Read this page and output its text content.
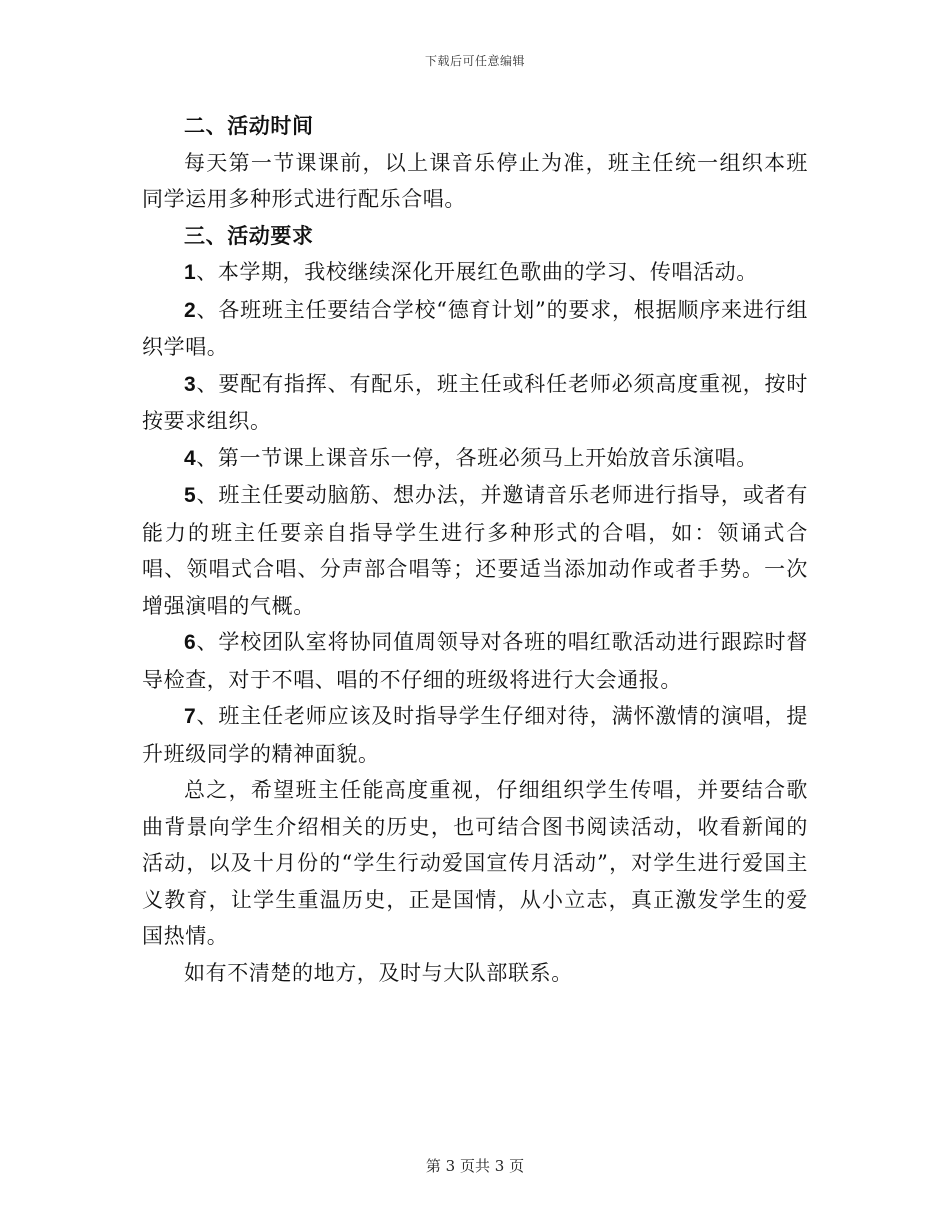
下载后可任意编辑

二、活动时间

每天第一节课课前，以上课音乐停止为准，班主任统一组织本班同学运用多种形式进行配乐合唱。

三、活动要求

1、本学期，我校继续深化开展红色歌曲的学习、传唱活动。

2、各班班主任要结合学校“德育计划”的要求，根据顺序来进行组织学唱。

3、要配有指挥、有配乐，班主任或科任老师必须高度重视，按时按要求组织。

4、第一节课上课音乐一停，各班必须马上开始放音乐演唱。

5、班主任要动脑筋、想办法，并邀请音乐老师进行指导，或者有能力的班主任要亲自指导学生进行多种形式的合唱，如：领诵式合唱、领唱式合唱、分声部合唱等；还要适当添加动作或者手势。一次增强演唱的气概。

6、学校团队室将协同值周领导对各班的唱红歌活动进行跟踪时督导检查，对于不唱、唱的不仔细的班级将进行大会通报。

7、班主任老师应该及时指导学生仔细对待，满怀激情的演唱，提升班级同学的精神面貌。

总之，希望班主任能高度重视，仔细组织学生传唱，并要结合歌曲背景向学生介绍相关的历史，也可结合图书阅读活动，收看新闻的活动，以及十月份的“学生行动爱国宣传月活动”，对学生进行爱国主义教育，让学生重温历史，正是国情，从小立志，真正激发学生的爱国热情。

如有不清楚的地方，及时与大队部联系。

第 3 页共 3 页
